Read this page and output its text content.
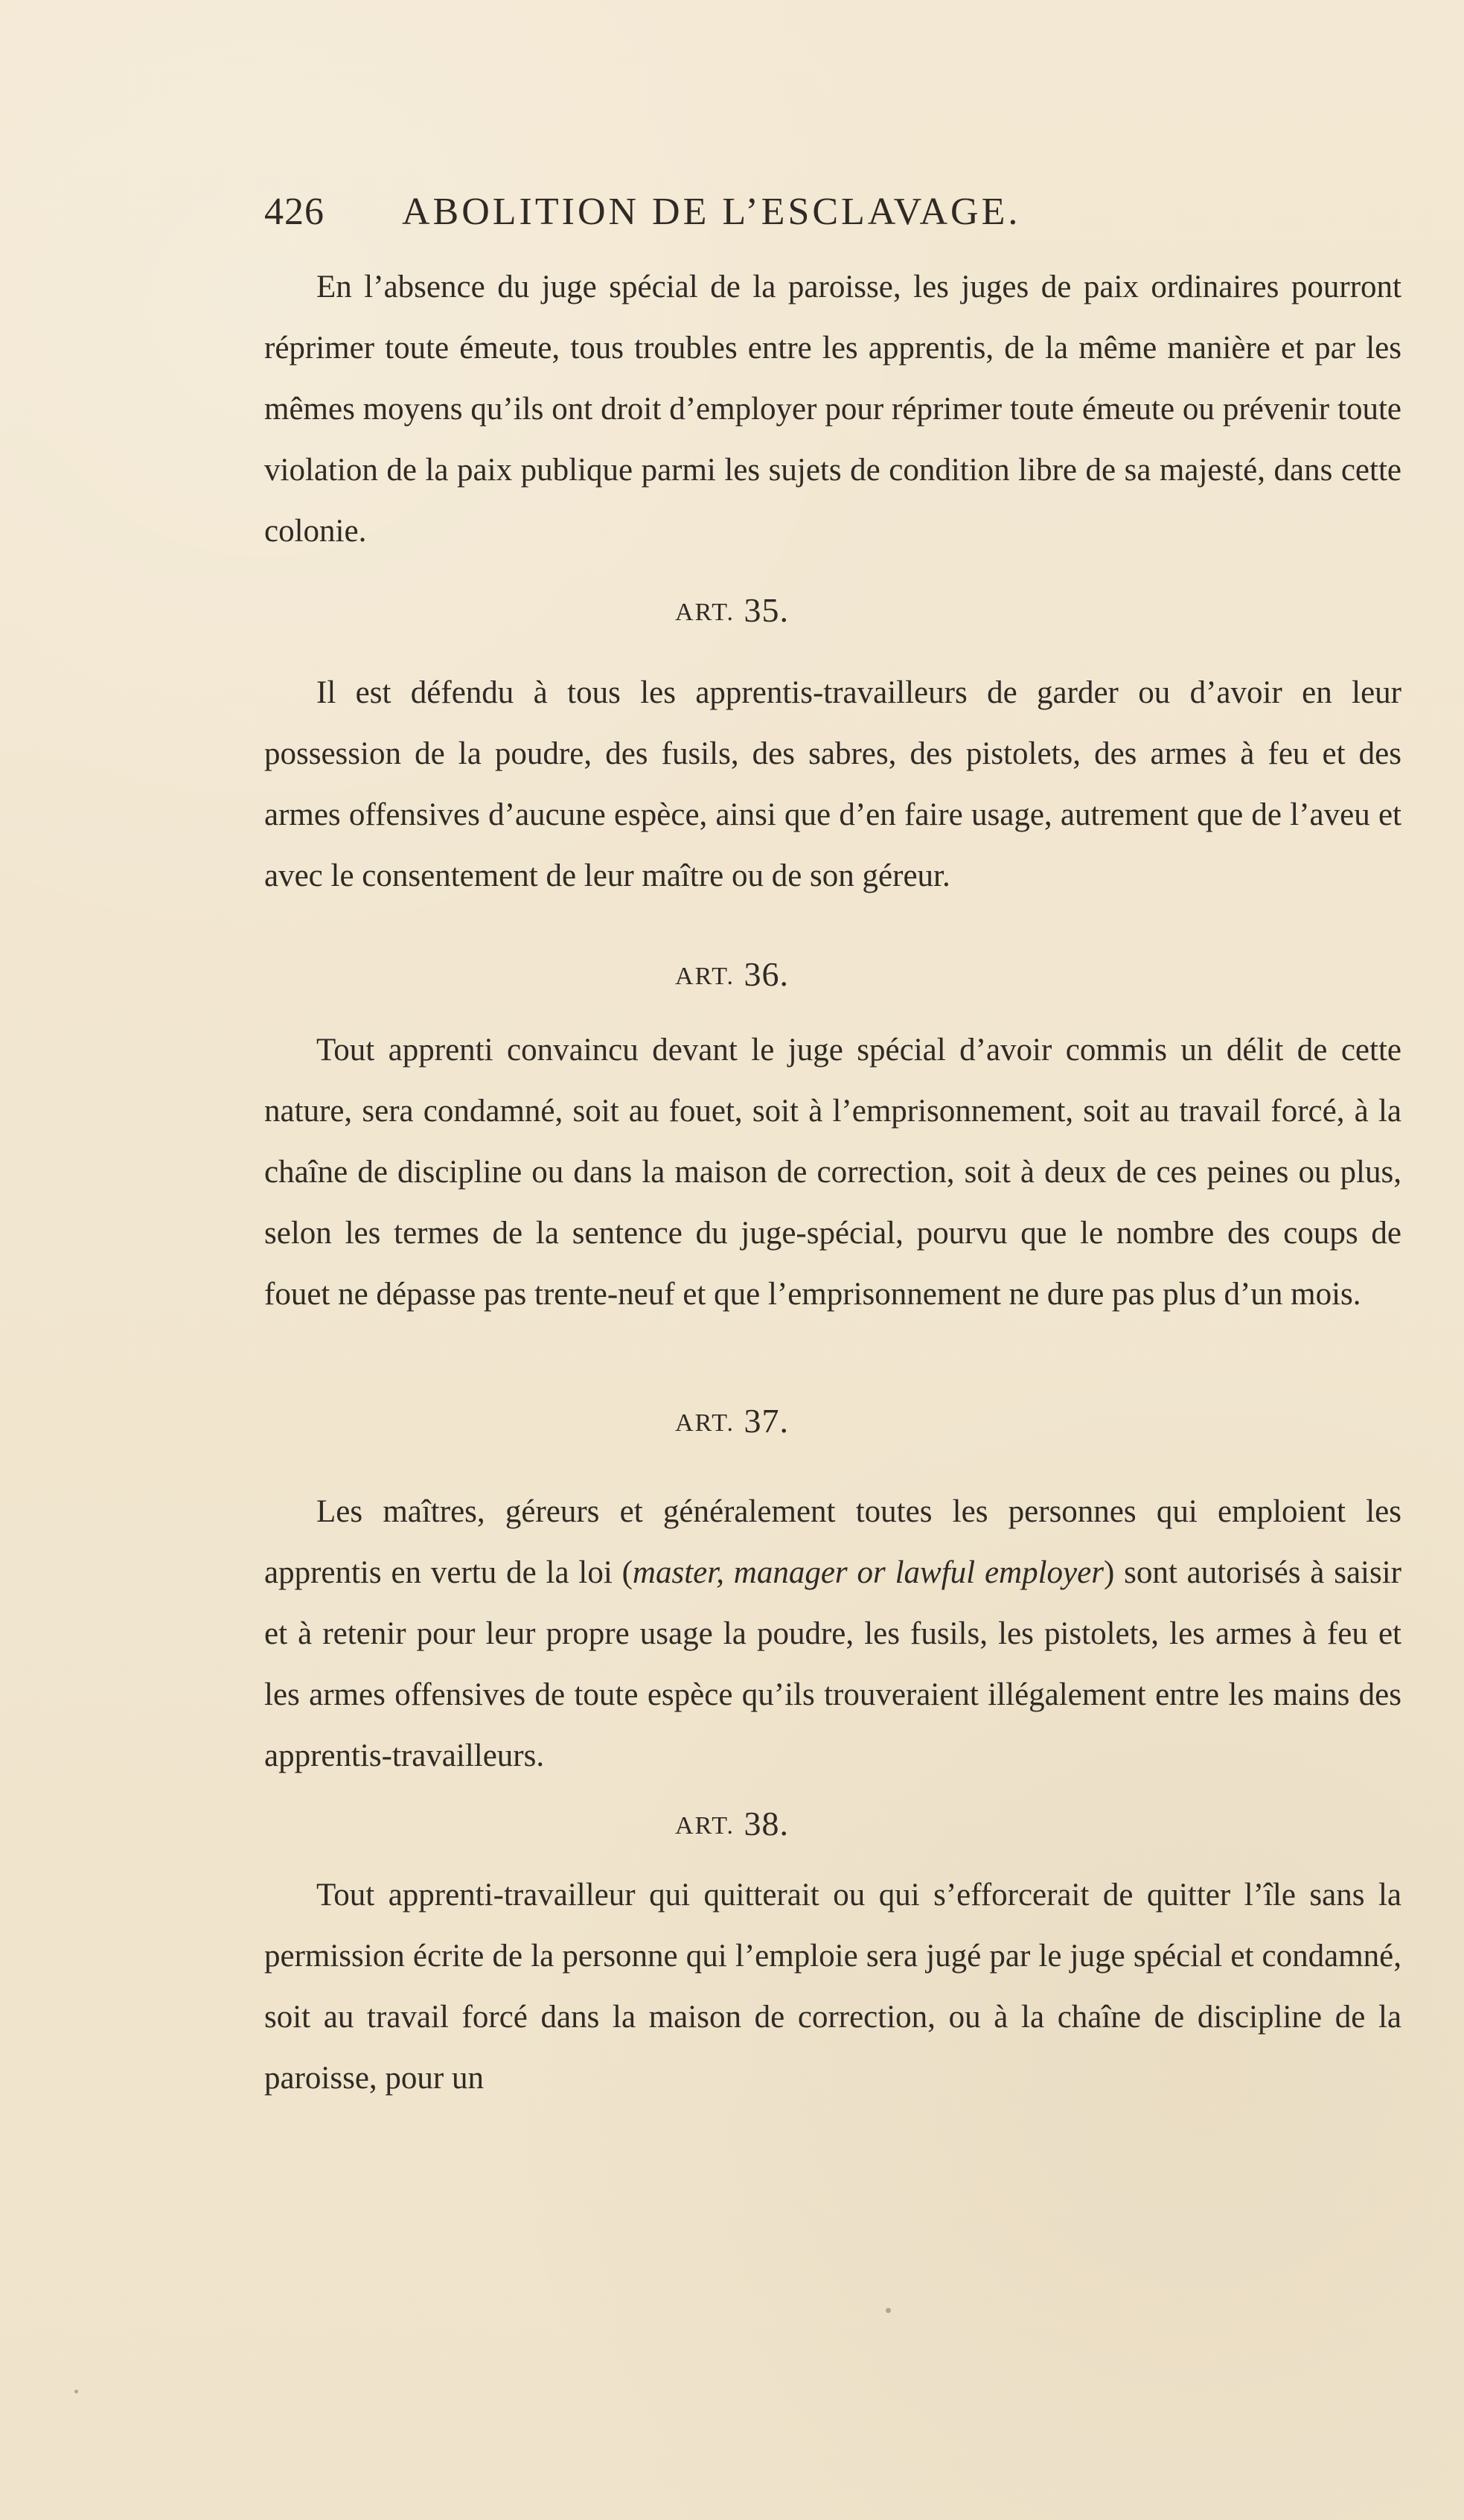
426 ABOLITION DE L’ESCLAVAGE.

En l’absence du juge spécial de la paroisse, les juges de paix ordinaires pourront réprimer toute émeute, tous troubles entre les apprentis, de la même manière et par les mêmes moyens qu’ils ont droit d’employer pour réprimer toute émeute ou prévenir toute violation de la paix publique parmi les sujets de condition libre de sa majesté, dans cette colonie.

ART. 35.

Il est défendu à tous les apprentis-travailleurs de garder ou d’avoir en leur possession de la poudre, des fusils, des sabres, des pistolets, des armes à feu et des armes offensives d’aucune espèce, ainsi que d’en faire usage, autrement que de l’aveu et avec le consentement de leur maître ou de son géreur.

ART. 36.

Tout apprenti convaincu devant le juge spécial d’avoir commis un délit de cette nature, sera condamné, soit au fouet, soit à l’emprisonnement, soit au travail forcé, à la chaîne de discipline ou dans la maison de correction, soit à deux de ces peines ou plus, selon les termes de la sentence du juge-spécial, pourvu que le nombre des coups de fouet ne dépasse pas trente-neuf et que l’emprisonnement ne dure pas plus d’un mois.

ART. 37.

Les maîtres, géreurs et généralement toutes les personnes qui emploient les apprentis en vertu de la loi (master, manager or lawful employer) sont autorisés à saisir et à retenir pour leur propre usage la poudre, les fusils, les pistolets, les armes à feu et les armes offensives de toute espèce qu’ils trouveraient illégalement entre les mains des apprentis-travailleurs.

ART. 38.

Tout apprenti-travailleur qui quitterait ou qui s’efforcerait de quitter l’île sans la permission écrite de la personne qui l’emploie sera jugé par le juge spécial et condamné, soit au travail forcé dans la maison de correction, ou à la chaîne de discipline de la paroisse, pour un
